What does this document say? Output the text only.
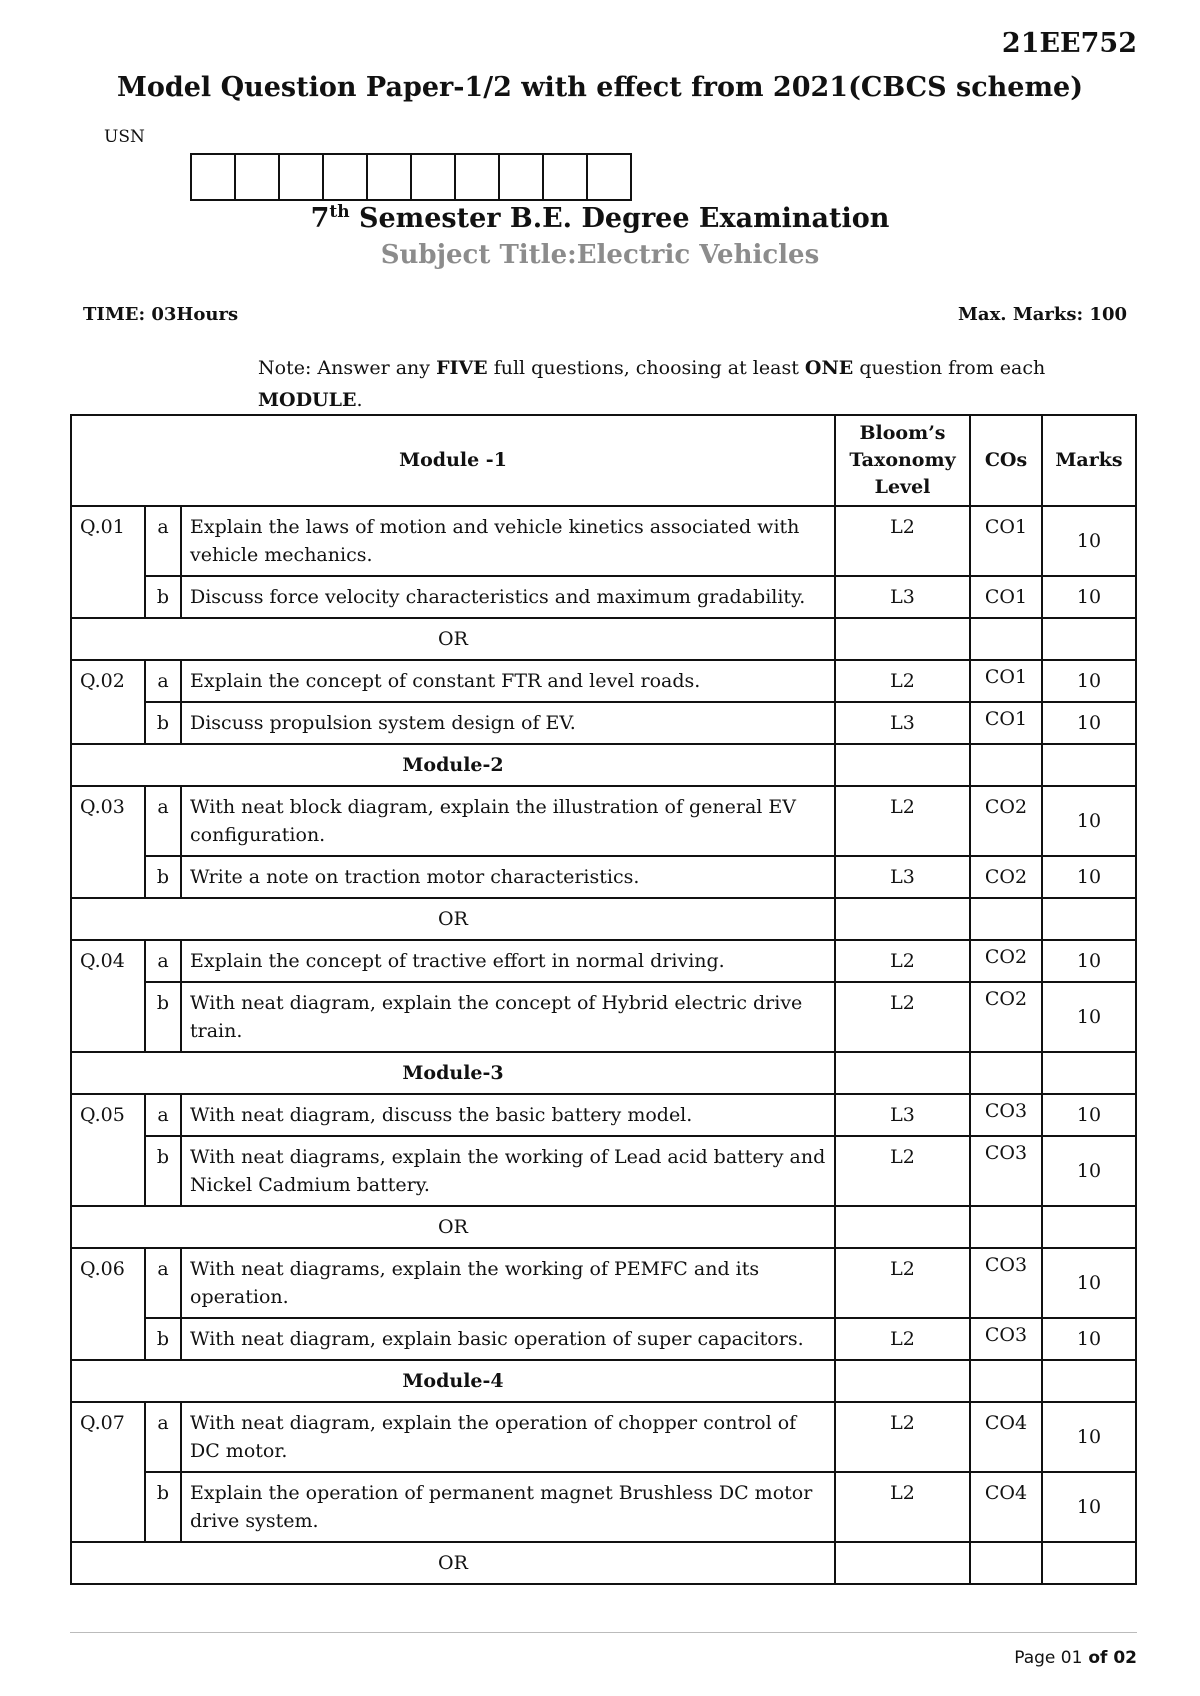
21EE752
Model Question Paper-1/2 with effect from 2021(CBCS scheme)
USN
7th Semester B.E. Degree Examination
Subject Title:Electric Vehicles
TIME: 03Hours	Max. Marks: 100
Note: Answer any FIVE full questions, choosing at least ONE question from each
MODULE.
Module -1			Bloom’s Taxonomy Level	COs	Marks
Q.01	a	Explain the laws of motion and vehicle kinetics associated with vehicle mechanics.	L2	CO1	10
	b	Discuss force velocity characteristics and maximum gradability.	L3	CO1	10
OR					
Q.02	a	Explain the concept of constant FTR and level roads.	L2	CO1	10
	b	Discuss propulsion system design of EV.	L3	CO1	10
Module-2					
Q.03	a	With neat block diagram, explain the illustration of general EV configuration.	L2	CO2	10
	b	Write a note on traction motor characteristics.	L3	CO2	10
OR					
Q.04	a	Explain the concept of tractive effort in normal driving.	L2	CO2	10
	b	With neat diagram, explain the concept of Hybrid electric drive train.	L2	CO2	10
Module-3					
Q.05	a	With neat diagram, discuss the basic battery model.	L3	CO3	10
	b	With neat diagrams, explain the working of Lead acid battery and Nickel Cadmium battery.	L2	CO3	10
OR					
Q.06	a	With neat diagrams, explain the working of PEMFC and its operation.	L2	CO3	10
	b	With neat diagram, explain basic operation of super capacitors.	L2	CO3	10
Module-4					
Q.07	a	With neat diagram, explain the operation of chopper control of DC motor.	L2	CO4	10
	b	Explain the operation of permanent magnet Brushless DC motor drive system.	L2	CO4	10
OR					
Page 01 of 02
